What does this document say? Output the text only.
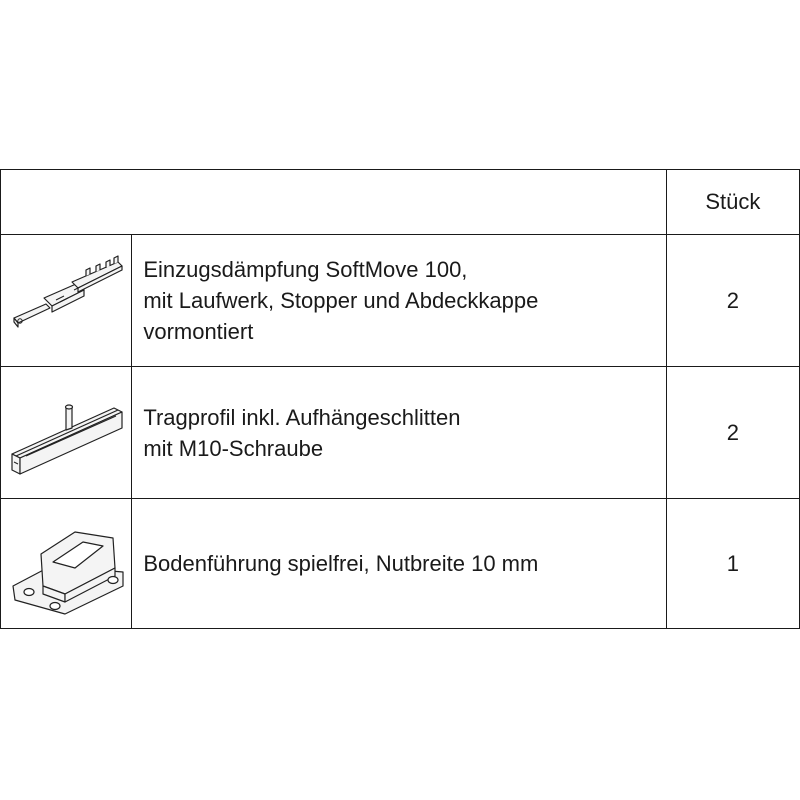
		Stück

Einzugsdämpfung SoftMove 100,
mit Laufwerk, Stopper und Abdeckkappe
vormontiert	2

Tragprofil inkl. Aufhängeschlitten
mit M10-Schraube	2

Bodenführung spielfrei, Nutbreite 10 mm	1
